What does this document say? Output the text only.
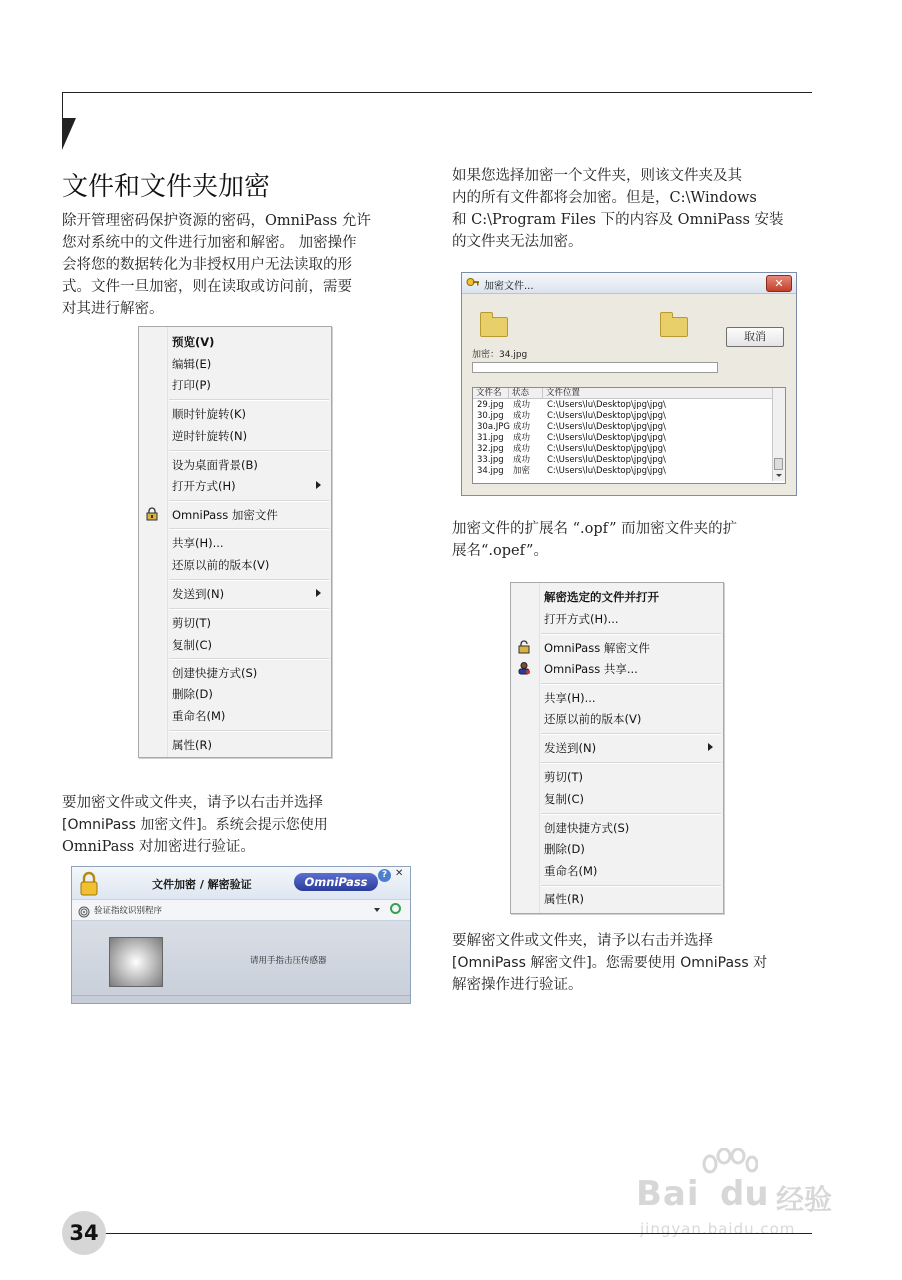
文件和文件夹加密
除开管理密码保护资源的密码，OmniPass 允许
您对系统中的文件进行加密和解密。 加密操作
会将您的数据转化为非授权用户无法读取的形
式。文件一旦加密，则在读取或访问前，需要
对其进行解密。
预览(V)
编辑(E)
打印(P)
顺时针旋转(K)
逆时针旋转(N)
设为桌面背景(B)
打开方式(H)
OmniPass 加密文件
共享(H)...
还原以前的版本(V)
发送到(N)
剪切(T)
复制(C)
创建快捷方式(S)
删除(D)
重命名(M)
属性(R)
要加密文件或文件夹，请予以右击并选择
[OmniPass 加密文件]。系统会提示您使用
OmniPass 对加密进行验证。
文件加密 / 解密验证	OmniPass	? ✕
验证指纹识别程序
请用手指击压传感器
如果您选择加密一个文件夹，则该文件夹及其
内的所有文件都将会加密。但是，C:\Windows
和 C:\Program Files 下的内容及 OmniPass 安装
的文件夹无法加密。
加密文件...	✕
取消
加密：34.jpg
文件名	状态	文件位置
29.jpg 成功 C:\Users\lu\Desktop\jpg\jpg\
30.jpg 成功 C:\Users\lu\Desktop\jpg\jpg\
30a.JPG 成功 C:\Users\lu\Desktop\jpg\jpg\
31.jpg 成功 C:\Users\lu\Desktop\jpg\jpg\
32.jpg 成功 C:\Users\lu\Desktop\jpg\jpg\
33.jpg 成功 C:\Users\lu\Desktop\jpg\jpg\
34.jpg 加密 C:\Users\lu\Desktop\jpg\jpg\
加密文件的扩展名 “.opf” 而加密文件夹的扩
展名“.opef”。
解密选定的文件并打开
打开方式(H)...
OmniPass 解密文件
OmniPass 共享...
共享(H)...
还原以前的版本(V)
发送到(N)
剪切(T)
复制(C)
创建快捷方式(S)
删除(D)
重命名(M)
属性(R)
要解密文件或文件夹，请予以右击并选择
[OmniPass 解密文件]。您需要使用 OmniPass 对
解密操作进行验证。
Bai du 经验
jingyan.baidu.com
34
